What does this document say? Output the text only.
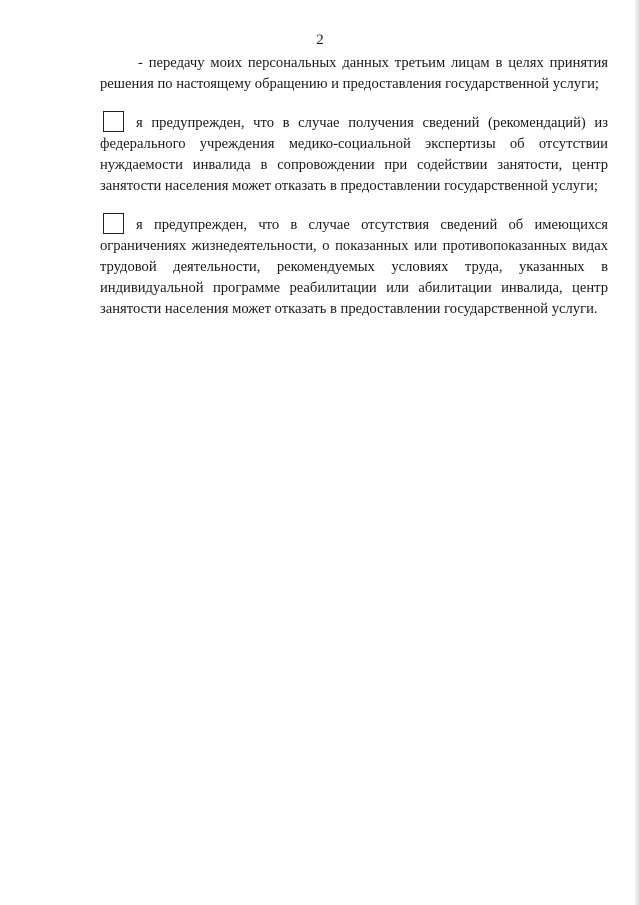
2

- передачу моих персональных данных третьим лицам в целях принятия решения по настоящему обращению и предоставления государственной услуги;

я предупрежден, что в случае получения сведений (рекомендаций) из федерального учреждения медико-социальной экспертизы об отсутствии нуждаемости инвалида в сопровождении при содействии занятости, центр занятости населения может отказать в предоставлении государственной услуги;

я предупрежден, что в случае отсутствия сведений об имеющихся ограничениях жизнедеятельности, о показанных или противопоказанных видах трудовой деятельности, рекомендуемых условиях труда, указанных в индивидуальной программе реабилитации или абилитации инвалида, центр занятости населения может отказать в предоставлении государственной услуги.
